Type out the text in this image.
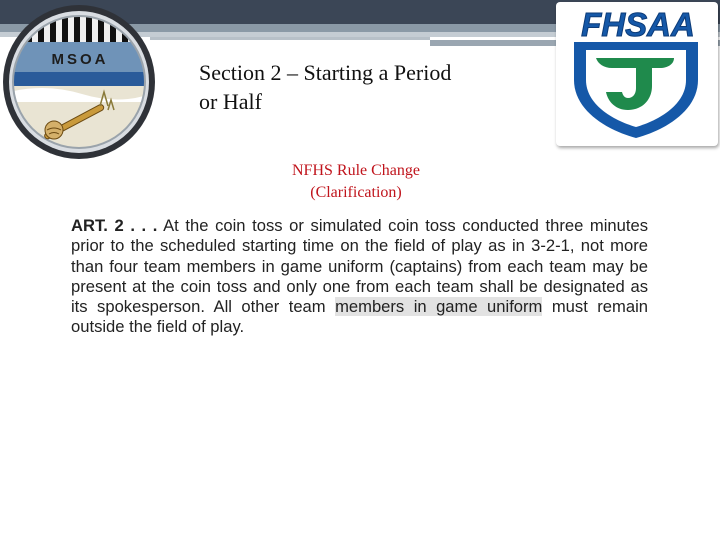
MSOA
FHSAA
Section 2 – Starting a Period
or Half
NFHS Rule Change
(Clarification)
ART. 2 . . . At the coin toss or simulated coin toss conducted three minutes prior to the scheduled starting time on the field of play as in 3-2-1, not more than four team members in game uniform (captains) from each team may be present at the coin toss and only one from each team shall be designated as its spokesperson. All other team members in game uniform must remain outside the field of play.
